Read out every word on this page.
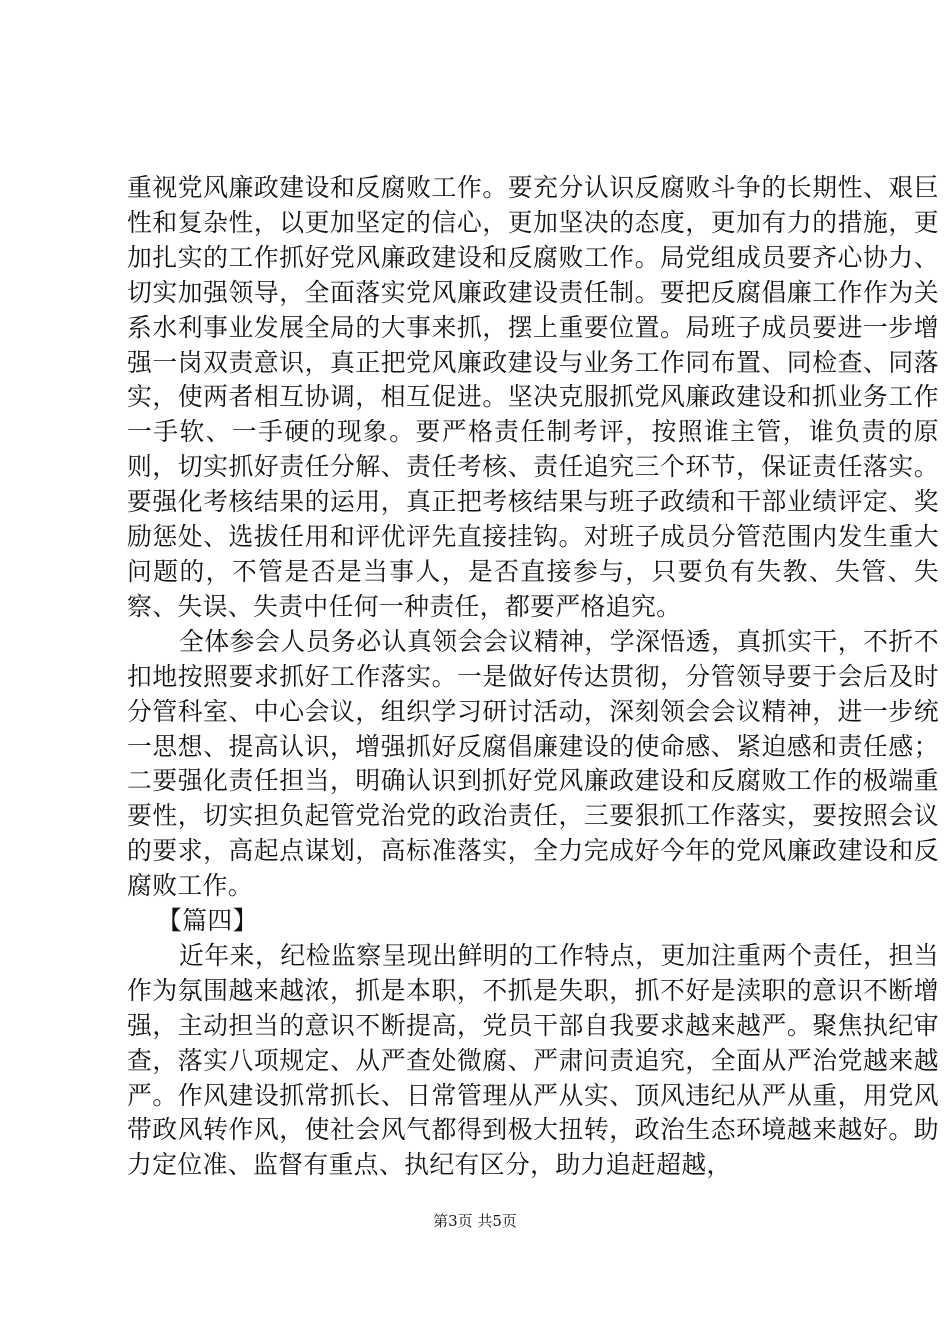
重视党风廉政建设和反腐败工作。要充分认识反腐败斗争的长期性、艰巨性和复杂性，以更加坚定的信心，更加坚决的态度，更加有力的措施，更加扎实的工作抓好党风廉政建设和反腐败工作。局党组成员要齐心协力、切实加强领导，全面落实党风廉政建设责任制。要把反腐倡廉工作作为关系水利事业发展全局的大事来抓，摆上重要位置。局班子成员要进一步增强一岗双责意识，真正把党风廉政建设与业务工作同布置、同检查、同落实，使两者相互协调，相互促进。坚决克服抓党风廉政建设和抓业务工作一手软、一手硬的现象。要严格责任制考评，按照谁主管，谁负责的原则，切实抓好责任分解、责任考核、责任追究三个环节，保证责任落实。要强化考核结果的运用，真正把考核结果与班子政绩和干部业绩评定、奖励惩处、选拔任用和评优评先直接挂钩。对班子成员分管范围内发生重大问题的，不管是否是当事人，是否直接参与，只要负有失教、失管、失察、失误、失责中任何一种责任，都要严格追究。

全体参会人员务必认真领会会议精神，学深悟透，真抓实干，不折不扣地按照要求抓好工作落实。一是做好传达贯彻，分管领导要于会后及时分管科室、中心会议，组织学习研讨活动，深刻领会会议精神，进一步统一思想、提高认识，增强抓好反腐倡廉建设的使命感、紧迫感和责任感；二要强化责任担当，明确认识到抓好党风廉政建设和反腐败工作的极端重要性，切实担负起管党治党的政治责任，三要狠抓工作落实，要按照会议的要求，高起点谋划，高标准落实，全力完成好今年的党风廉政建设和反腐败工作。

【篇四】

近年来，纪检监察呈现出鲜明的工作特点，更加注重两个责任，担当作为氛围越来越浓，抓是本职，不抓是失职，抓不好是渎职的意识不断增强，主动担当的意识不断提高，党员干部自我要求越来越严。聚焦执纪审查，落实八项规定、从严查处微腐、严肃问责追究，全面从严治党越来越严。作风建设抓常抓长、日常管理从严从实、顶风违纪从严从重，用党风带政风转作风，使社会风气都得到极大扭转，政治生态环境越来越好。助力定位准、监督有重点、执纪有区分，助力追赶超越，

第3页 共5页
